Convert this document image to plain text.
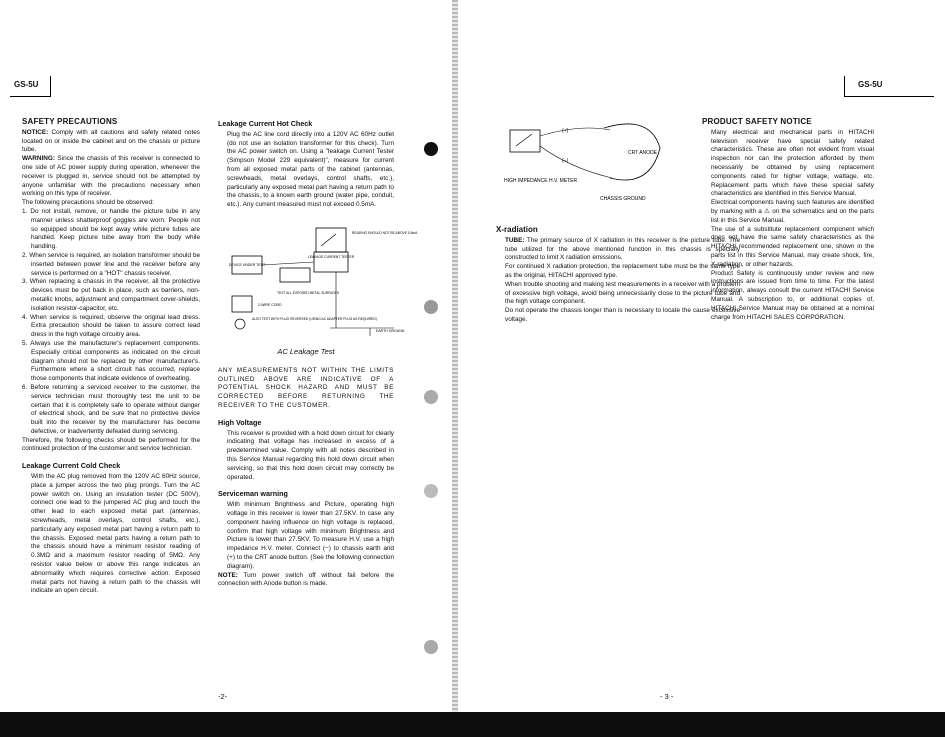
GS-5U
SAFETY PRECAUTIONS

NOTICE: Comply with all cautions and safety related notes located on or inside the cabinet and on the chassis or picture tube.

WARNING: Since the chassis of this receiver is connected to one side of AC power supply during operation, whenever the receiver is plugged in, service should not be attempted by anyone unfamiliar with the precautions necessary when working on this type of receiver.

The following precautions should be observed:

1. Do not install, remove, or handle the picture tube in any manner unless shatterproof goggles are worn. People not so equipped should be kept away while picture tubes are handled. Keep picture tube away from the body while handling.

2. When service is required, an isolation transformer should be inserted between power line and the receiver before any service is performed on a "HOT" chassis receiver.

3. When replacing a chassis in the receiver, all the protective devices must be put back in place, such as barriers, non-metallic knobs, adjustment and compartment cover-shields, isolation resistor-capacitor, etc.

4. When service is required, observe the original lead dress. Extra precaution should be taken to assure correct lead dress in the high voltage circuitry area.

5. Always use the manufacturer's replacement components. Especially critical components as indicated on the circuit diagram should not be replaced by other manufacturer's. Furthermore where a short circuit has occurred, replace those components that indicate evidence of overheating.

6. Before returning a serviced receiver to the customer, the service technician must thoroughly test the unit to be certain that it is completely safe to operate without danger of electrical shock, and be sure that no protective device built into the receiver by the manufacturer has become defective, or inadvertently defeated during servicing.

Therefore, the following checks should be performed for the continued protection of the customer and service technician.

Leakage Current Cold Check

With the AC plug removed from the 120V AC 60Hz source, place a jumper across the two plug prongs. Turn the AC power switch on. Using an insulation tester (DC 500V), connect one lead to the jumpered AC plug and touch the other lead to each exposed metal part (antennas, screwheads, metal overlays, control shafts, etc.), particularly any exposed metal part having a return path to the chassis. Exposed metal parts having a return path to the chassis should have a minimum resistor reading of 0.3MΩ and a maximum resistor reading of 5MΩ. Any resistor value below or above this range indicates an abnormality which requires corrective action. Exposed metal parts not having a return path to the chassis will indicate an open circuit.

Leakage Current Hot Check

Plug the AC line cord directly into a 120V AC 60Hz outlet (do not use an isolation transformer for this check). Turn the AC power switch on. Using a "leakage Current Tester (Simpson Model 229 equivalent)", measure for current from all exposed metal parts of the cabinet (antennas, screwheads, metal overlays, control shafts, etc.), particularly any exposed metal part having a return path to the chassis, to a known earth ground (water pipe, conduit, etc.). Any current measured must not exceed 0.5mA.

LEAKAGE CURRENT TESTER
READING SHOULD NOT BE ABOVE 0.5mA
DEVICE UNDER TEST
TEST ALL EXPOSED METAL SURFACES
2-WIRE CORD
ALSO TEST WITH PLUG REVERSED (USING AC ADAPTER PLUG AS REQUIRED)
EARTH GROUND
AC Leakage Test

ANY MEASUREMENTS NOT WITHIN THE LIMITS OUTLINED ABOVE ARE INDICATIVE OF A POTENTIAL SHOCK HAZARD AND MUST BE CORRECTED BEFORE RETURNING THE RECEIVER TO THE CUSTOMER.

High Voltage

This receiver is provided with a hold down circuit for clearly indicating that voltage has increased in excess of a predetermined value. Comply with all notes described in this Service Manual regarding this hold down circuit when servicing, so that this hold down circuit may correctly be operated.

Serviceman warning

With minimum Brightness and Picture, operating high voltage in this receiver is lower than 27.5KV. In case any component having influence on high voltage is replaced, confirm that high voltage with minimum Brightness and Picture is lower than 27.5KV. To measure H.V. use a high impedance H.V. meter. Connect (−) to chassis earth and (+) to the CRT anode button. (See the following connection diagram).

NOTE: Turn power switch off without fail before the connection with Anode button is made.

-2-
GS-5U
(+)
(−)
CRT ANODE
CHASSIS GROUND
HIGH IMPEDANCE H.V. METER
X-radiation

TUBE: The primary source of X radiation in this receiver is the picture tube. The tube utilized for the above mentioned function in this chassis is specially constructed to limit X radiation emissions.

For continued X radiation protection, the replacement tube must be the same type as the original, HITACHI approved type.

When trouble shooting and making test measurements in a receiver with a problem of excessive high voltage, avoid being unnecessarily close to the picture tube and the high voltage component.

Do not operate the chassis longer than is necessary to locate the cause excessive voltage.

PRODUCT SAFETY NOTICE

Many electrical and mechanical parts in HITACHI television receiver have special safety related characteristics. These are often not evident from visual inspection nor can the protection afforded by them necessarily be obtained by using replacement components rated for higher voltage, wattage, etc. Replacement parts which have these special safety characteristics are identified in this Service Manual.

Electrical components having such features are identified by marking with a ⚠ on the schematics and on the parts list in this Service Manual.

The use of a substitute replacement component which does not have the same safety characteristics as the HITACHI recommended replacement one, shown in the parts list in this Service Manual, may create shock, fire, X-radiation, or other hazards.

Product Safety is continuously under review and new instructions are issued from time to time. For the latest information, always consult the current HITACHI Service Manual. A subscription to, or additional copies of, HITACHI Service Manual may be obtained at a nominal charge from HITACHI SALES CORPORATION.

- 3 -
